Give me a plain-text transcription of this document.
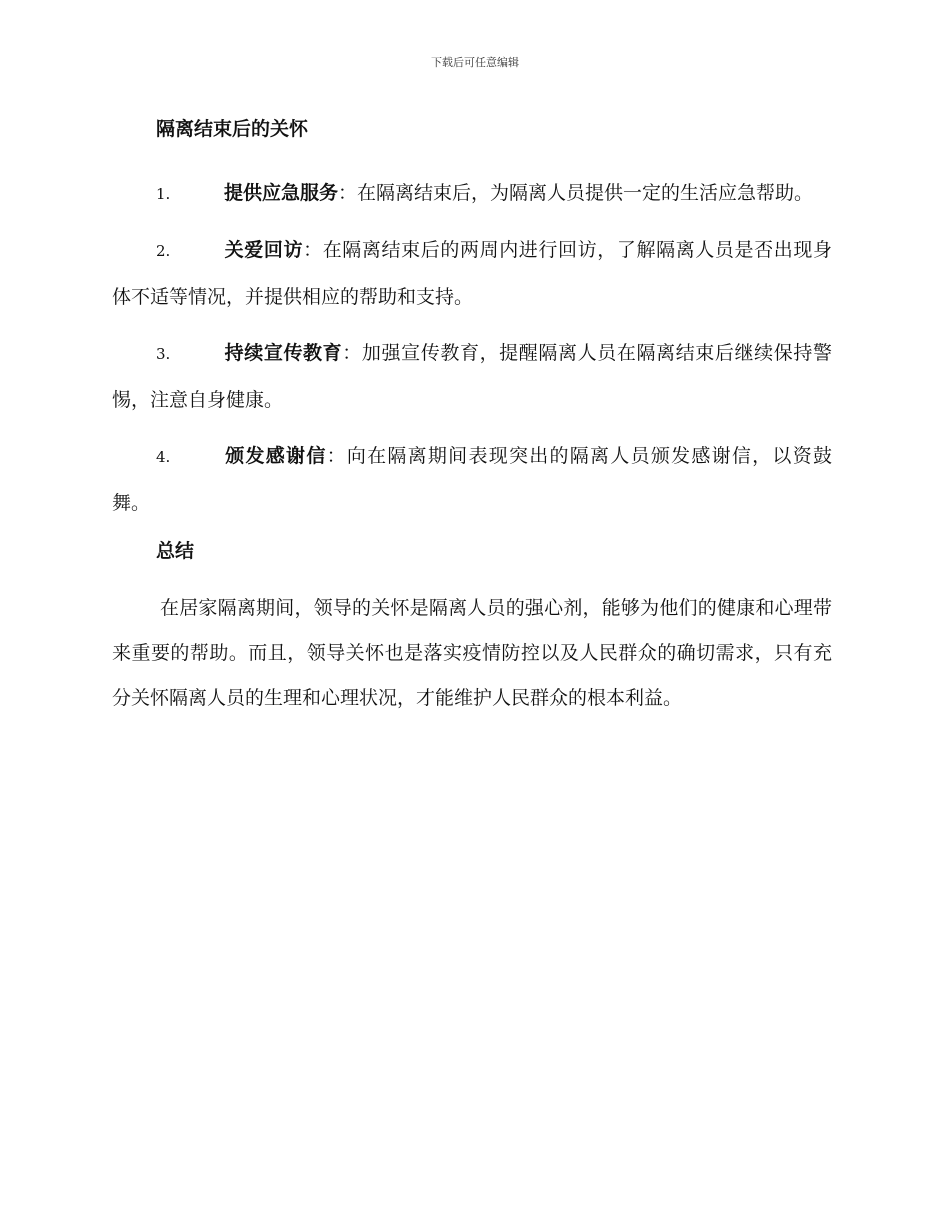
下载后可任意编辑
隔离结束后的关怀
1.	提供应急服务：在隔离结束后，为隔离人员提供一定的生活应急帮助。
2.	关爱回访：在隔离结束后的两周内进行回访，了解隔离人员是否出现身体不适等情况，并提供相应的帮助和支持。
3.	持续宣传教育：加强宣传教育，提醒隔离人员在隔离结束后继续保持警惕，注意自身健康。
4.	颁发感谢信：向在隔离期间表现突出的隔离人员颁发感谢信，以资鼓舞。
总结

在居家隔离期间，领导的关怀是隔离人员的强心剂，能够为他们的健康和心理带来重要的帮助。而且，领导关怀也是落实疫情防控以及人民群众的确切需求，只有充分关怀隔离人员的生理和心理状况，才能维护人民群众的根本利益。
